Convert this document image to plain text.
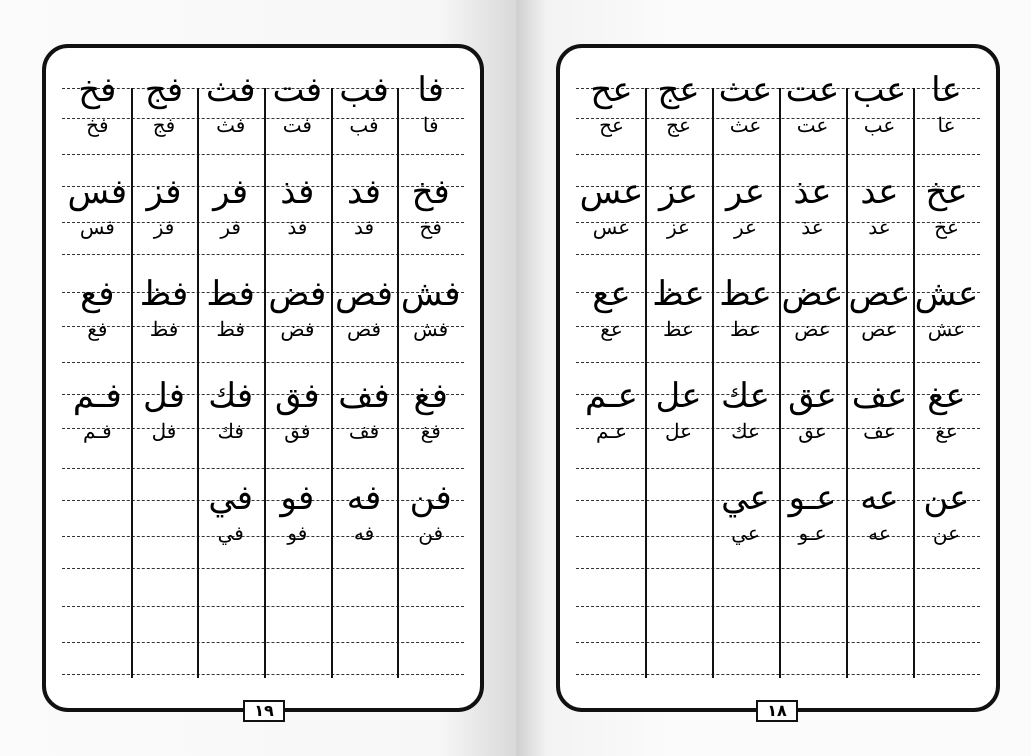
فا
فا
فب
فب
فت
فت
فث
فث
فج
فج
فخ
فخ
فخ
فخ
فد
فد
فذ
فذ
فر
فر
فز
فز
فس
فس
فش
فش
فص
فص
فض
فض
فط
فط
فظ
فظ
فع
فع
فغ
فغ
فف
فف
فق
فق
فك
فك
فل
فل
فـم
فـم
فن
فن
فه
فه
فو
فو
في
في
١٩
عا
عا
عب
عب
عت
عت
عث
عث
عج
عج
عح
عح
عخ
عخ
عد
عد
عذ
عذ
عر
عر
عز
عز
عس
عس
عش
عش
عص
عص
عض
عض
عط
عط
عظ
عظ
عع
عع
عغ
عغ
عف
عف
عق
عق
عك
عك
عل
عل
عـم
عـم
عن
عن
عه
عه
عـو
عـو
عي
عي
١٨
